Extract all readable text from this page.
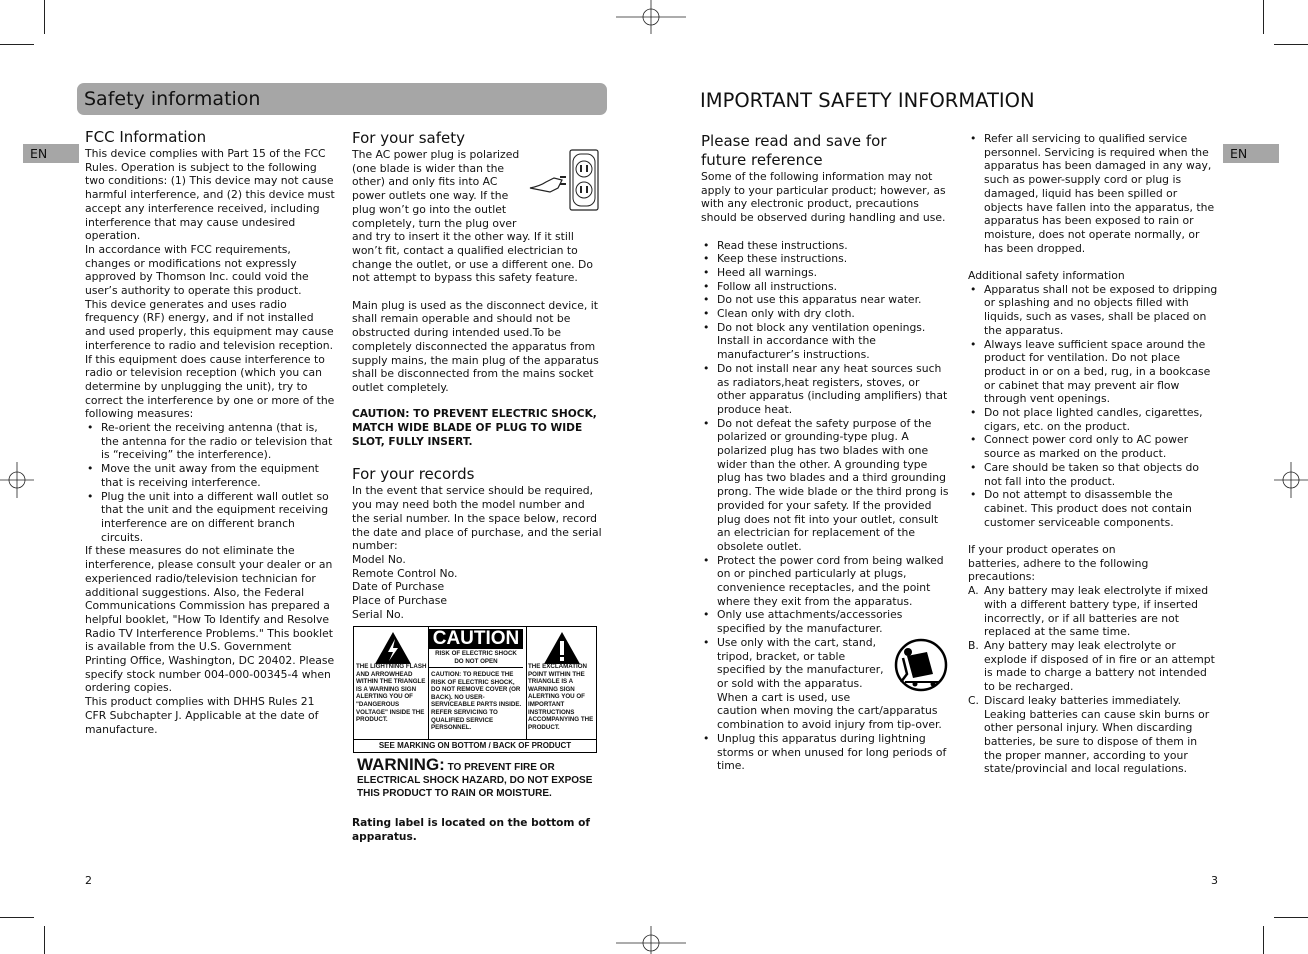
Safety information
EN
FCC Information

This device complies with Part 15 of the FCC Rules. Operation is subject to the following two conditions: (1) This device may not cause harmful interference, and (2) this device must accept any interference received, including interference that may cause undesired operation.

In accordance with FCC requirements, changes or modifications not expressly approved by Thomson Inc. could void the user’s authority to operate this product.

This device generates and uses radio frequency (RF) energy, and if not installed and used properly, this equipment may cause interference to radio and television reception. If this equipment does cause interference to radio or television reception (which you can determine by unplugging the unit), try to correct the interference by one or more of the following measures:

• Re-orient the receiving antenna (that is, the antenna for the radio or television that is “receiving” the interference).
• Move the unit away from the equipment that is receiving interference.
• Plug the unit into a different wall outlet so that the unit and the equipment receiving interference are on different branch circuits.

If these measures do not eliminate the interference, please consult your dealer or an experienced radio/television technician for additional suggestions. Also, the Federal Communications Commission has prepared a helpful booklet, "How To Identify and Resolve Radio TV Interference Problems." This booklet is available from the U.S. Government Printing Office, Washington, DC 20402. Please specify stock number 004-000-00345-4 when ordering copies.

This product complies with DHHS Rules 21 CFR Subchapter J. Applicable at the date of manufacture.

For your safety

The AC power plug is polarized (one blade is wider than the other) and only fits into AC power outlets one way. If the plug won’t go into the outlet completely, turn the plug over and try to insert it the other way. If it still won’t fit, contact a qualified electrician to change the outlet, or use a different one. Do not attempt to bypass this safety feature.

Main plug is used as the disconnect device, it shall remain operable and should not be obstructed during intended used.To be completely disconnected the apparatus from supply mains, the main plug of the apparatus shall be disconnected from the mains socket outlet completely.

CAUTION: TO PREVENT ELECTRIC SHOCK, MATCH WIDE BLADE OF PLUG TO WIDE SLOT, FULLY INSERT.

For your records

In the event that service should be required, you may need both the model number and the serial number. In the space below, record the date and place of purchase, and the serial number:

Model No.

Remote Control No.

Date of Purchase

Place of Purchase

Serial No.

THE LIGHTNING FLASH AND ARROWHEAD WITHIN THE TRIANGLE IS A WARNING SIGN ALERTING YOU OF "DANGEROUS VOLTAGE" INSIDE THE PRODUCT.
CAUTION
RISK OF ELECTRIC SHOCK DO NOT OPEN
CAUTION: TO REDUCE THE RISK OF ELECTRIC SHOCK, DO NOT REMOVE COVER (OR BACK). NO USER-SERVICEABLE PARTS INSIDE. REFER SERVICING TO QUALIFIED SERVICE PERSONNEL.
THE EXCLAMATION POINT WITHIN THE TRIANGLE IS A WARNING SIGN ALERTING YOU OF IMPORTANT INSTRUCTIONS ACCOMPANYING THE PRODUCT.
SEE MARKING ON BOTTOM / BACK OF PRODUCT
WARNING: TO PREVENT FIRE OR ELECTRICAL SHOCK HAZARD, DO NOT EXPOSE THIS PRODUCT TO RAIN OR MOISTURE.
Rating label is located on the bottom of apparatus.
2
IMPORTANT SAFETY INFORMATION
EN
Please read and save for future reference

Some of the following information may not apply to your particular product; however, as with any electronic product, precautions should be observed during handling and use.

• Read these instructions.
• Keep these instructions.
• Heed all warnings.
• Follow all instructions.
• Do not use this apparatus near water.
• Clean only with dry cloth.
• Do not block any ventilation openings. Install in accordance with the manufacturer’s instructions.
• Do not install near any heat sources such as radiators,heat registers, stoves, or other apparatus (including amplifiers) that produce heat.
• Do not defeat the safety purpose of the polarized or grounding-type plug. A polarized plug has two blades with one wider than the other. A grounding type plug has two blades and a third grounding prong. The wide blade or the third prong is provided for your safety. If the provided plug does not fit into your outlet, consult an electrician for replacement of the obsolete outlet.
• Protect the power cord from being walked on or pinched particularly at plugs, convenience receptacles, and the point where they exit from the apparatus.
• Only use attachments/accessories specified by the manufacturer.
• Use only with the cart, stand, tripod, bracket, or table specified by the manufacturer, or sold with the apparatus. When a cart is used, use caution when moving the cart/apparatus combination to avoid injury from tip-over.
• Unplug this apparatus during lightning storms or when unused for long periods of time.
• Refer all servicing to qualified service personnel. Servicing is required when the apparatus has been damaged in any way, such as power-supply cord or plug is damaged, liquid has been spilled or objects have fallen into the apparatus, the apparatus has been exposed to rain or moisture, does not operate normally, or has been dropped.

Additional safety information

• Apparatus shall not be exposed to dripping or splashing and no objects filled with liquids, such as vases, shall be placed on the apparatus.
• Always leave sufficient space around the product for ventilation. Do not place product in or on a bed, rug, in a bookcase or cabinet that may prevent air flow through vent openings.
• Do not place lighted candles, cigarettes, cigars, etc. on the product.
• Connect power cord only to AC power source as marked on the product.
• Care should be taken so that objects do not fall into the product.
• Do not attempt to disassemble the cabinet. This product does not contain customer serviceable components.

If your product operates on batteries, adhere to the following precautions:

A. Any battery may leak electrolyte if mixed with a different battery type, if inserted incorrectly, or if all batteries are not replaced at the same time.
B. Any battery may leak electrolyte or explode if disposed of in fire or an attempt is made to charge a battery not intended to be recharged.
C. Discard leaky batteries immediately. Leaking batteries can cause skin burns or other personal injury. When discarding batteries, be sure to dispose of them in the proper manner, according to your state/provincial and local regulations.
3
